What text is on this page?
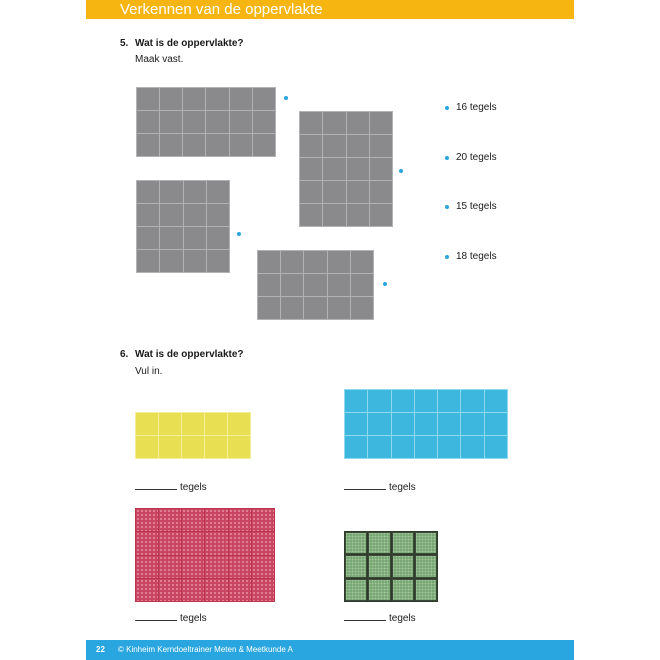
Verkennen van de oppervlakte
5. Wat is de oppervlakte?
Maak vast.
16 tegels
20 tegels
15 tegels
18 tegels
6. Wat is de oppervlakte?
Vul in.
tegels	tegels
tegels	tegels
22 © Kinheim Kerndoeltrainer Meten & Meetkunde A
